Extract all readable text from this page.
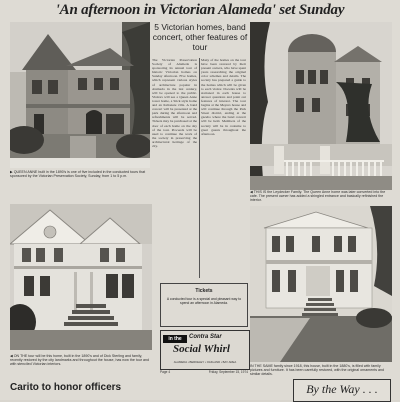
'An afternoon in Victorian Alameda' set Sunday
▶ QUEEN ANNE built in the 1890's is one of five included in the conducted tours that sponsored by the Victorian Preservation Society, Sunday, from 1 to 5 p.m.
5 Victorian homes, band concert, other features of tour
The Victorian Preservation Society of Alameda is sponsoring its annual tour of historic Victorian homes on Sunday afternoon. Five homes, which represent various styles of architecture popular in Alameda in the last century, will be opened to the public. Visitors will see a Queen Anne tower home, a Stick style home and an Italianate villa. A band concert will be presented at the park during the afternoon and refreshments will be served. Tickets may be purchased at the door of each home on the day of the tour. Proceeds will be used to continue the work of the society in preserving the architectural heritage of the city.
Many of the homes on the tour have been restored by their present owners, who have spent years researching the original color schemes and details. The society has prepared a guide to the homes which will be given to each visitor. Docents will be stationed in each house to answer questions and point out features of interest. The tour begins at the Meyers house and will continue through the Park Street district, ending at the gazebo where the band concert will be held. Members of the society will be in costume to greet guests throughout the afternoon.
◀ THIS IS the Leydecker Family. The Queen Anne home was later converted into the cafe. The present owner has added a shingled entrance and basically refinished the interior.
◀ ON THE tour will be this home, built in the 1890's and of Dick Sterling and family, recently restored by the city landmarks and throughout the house, has now the tour and with stenciled Victorian interiors.
Tickets
A conducted tour is a special and pleasant way to spend an afternoon in Alameda.
in the	Contra Star
Social Whirl
ALAMEDA • BERKELEY • OAKLAND • BAY AREA
Page 4	Friday, September 15, 1974
IN THE SAME family since 1918, this house, built in the 1880's, is filled with family pictures and furniture. It has been carefully restored, with the original ornaments and similar details.
Carito to honor officers	By the Way . . .
